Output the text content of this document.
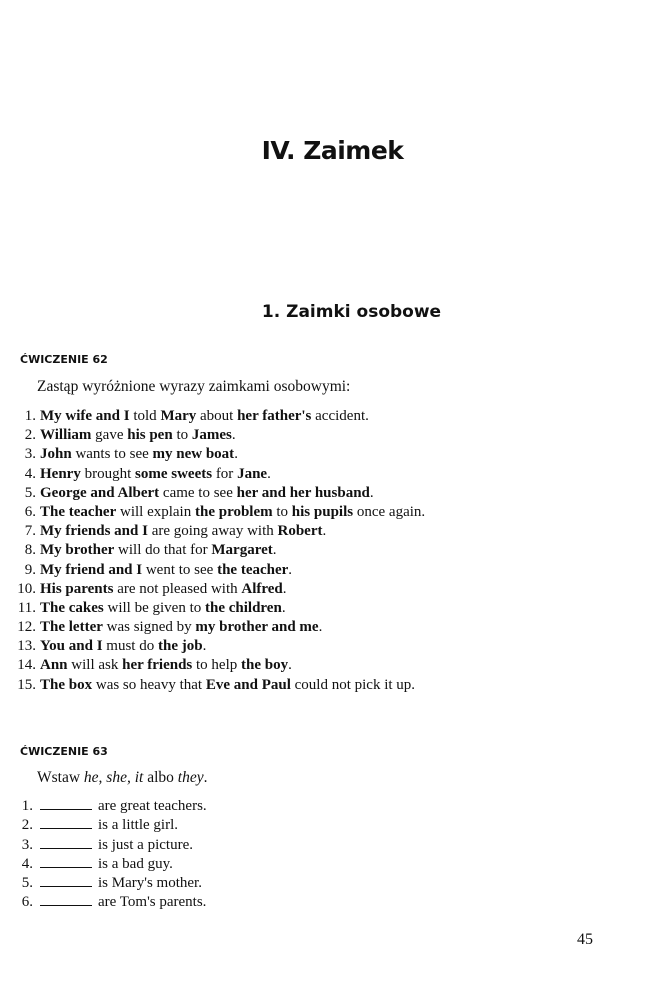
IV. Zaimek
1. Zaimki osobowe
ĆWICZENIE 62
Zastąp wyróżnione wyrazy zaimkami osobowymi:
1. My wife and I told Mary about her father's accident.
2. William gave his pen to James.
3. John wants to see my new boat.
4. Henry brought some sweets for Jane.
5. George and Albert came to see her and her husband.
6. The teacher will explain the problem to his pupils once again.
7. My friends and I are going away with Robert.
8. My brother will do that for Margaret.
9. My friend and I went to see the teacher.
10. His parents are not pleased with Alfred.
11. The cakes will be given to the children.
12. The letter was signed by my brother and me.
13. You and I must do the job.
14. Ann will ask her friends to help the boy.
15. The box was so heavy that Eve and Paul could not pick it up.
ĆWICZENIE 63
Wstaw he, she, it albo they.
1.	are great teachers.
2.	is a little girl.
3.	is just a picture.
4.	is a bad guy.
5.	is Mary's mother.
6.	are Tom's parents.
45
